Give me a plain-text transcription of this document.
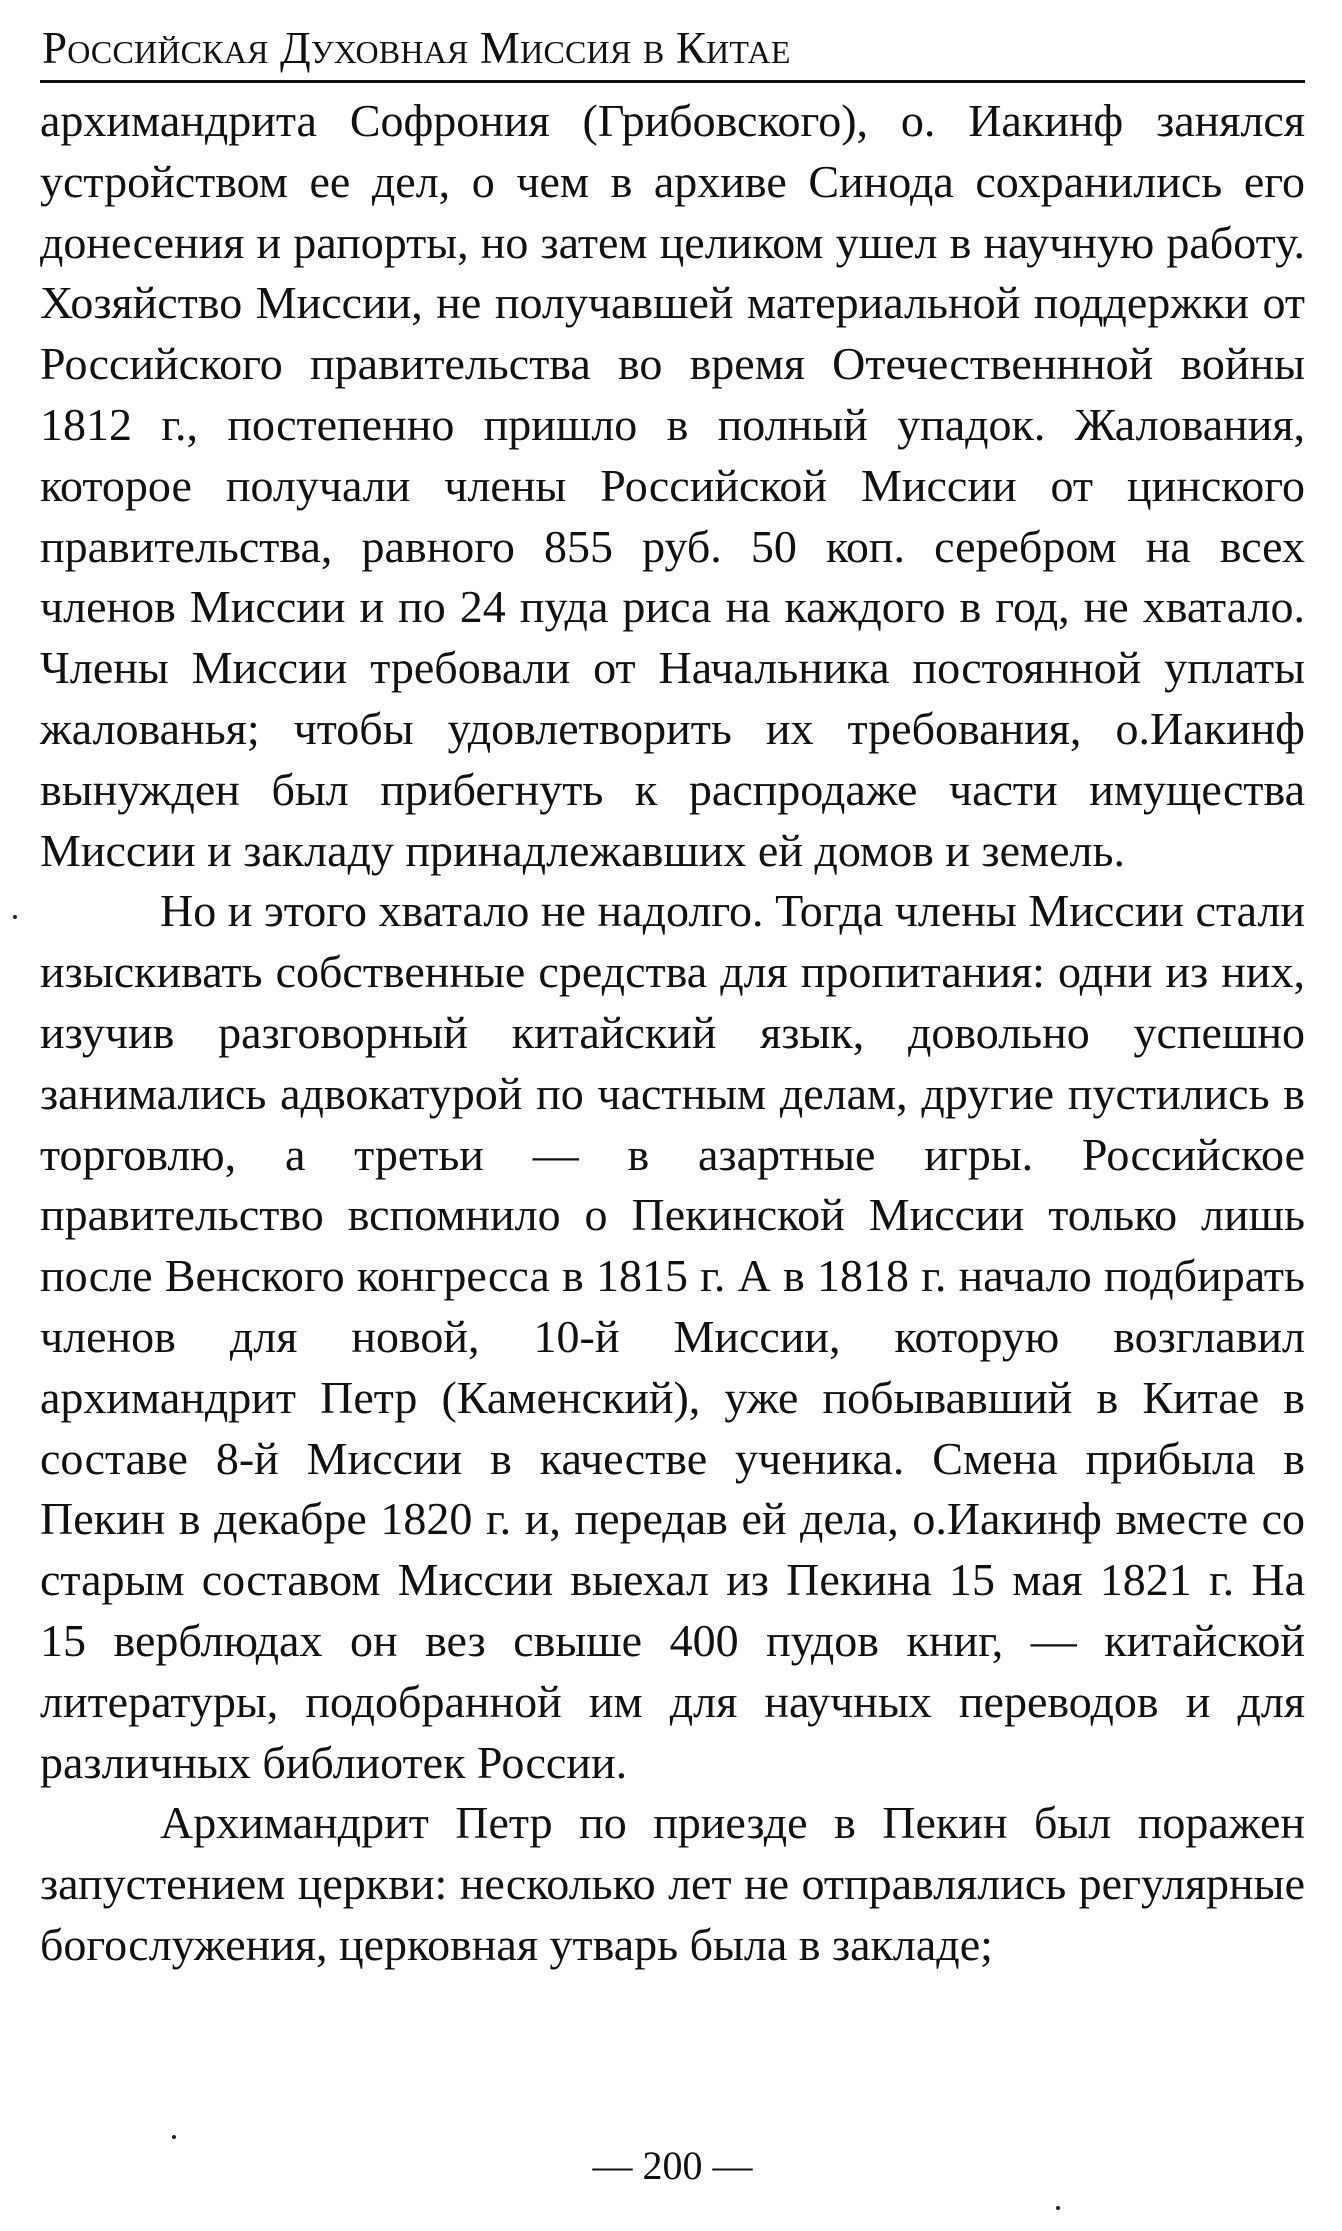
Российская Духовная Миссия в Китае

архимандрита Софрония (Грибовского), о. Иакинф занялся устройством ее дел, о чем в архиве Синода сохранились его донесения и рапорты, но затем целиком ушел в научную работу. Хозяйство Миссии, не получавшей материальной поддержки от Российского правительства во время Отечественнной войны 1812 г., постепенно пришло в полный упадок. Жалования, которое получали члены Российской Миссии от цинского правительства, равного 855 руб. 50 коп. серебром на всех членов Миссии и по 24 пуда риса на каждого в год, не хватало. Члены Миссии требовали от Начальника постоянной уплаты жалованья; чтобы удовлетворить их требования, о.Иакинф вынужден был прибегнуть к распродаже части имущества Миссии и закладу принадлежавших ей домов и земель.

Но и этого хватало не надолго. Тогда члены Миссии стали изыскивать собственные средства для пропитания: одни из них, изучив разговорный китайский язык, довольно успешно занимались адвокатурой по частным делам, другие пустились в торговлю, а третьи — в азартные игры. Российское правительство вспомнило о Пекинской Миссии только лишь после Венского конгресса в 1815 г. А в 1818 г. начало подбирать членов для новой, 10-й Миссии, которую возглавил архимандрит Петр (Каменский), уже побывавший в Китае в составе 8-й Миссии в качестве ученика. Смена прибыла в Пекин в декабре 1820 г. и, передав ей дела, о.Иакинф вместе со старым составом Миссии выехал из Пекина 15 мая 1821 г. На 15 верблюдах он вез свыше 400 пудов книг, — китайской литературы, подобранной им для научных переводов и для различных библиотек России.

Архимандрит Петр по приезде в Пекин был поражен запустением церкви: несколько лет не отправлялись регулярные богослужения, церковная утварь была в закладе;

— 200 —
